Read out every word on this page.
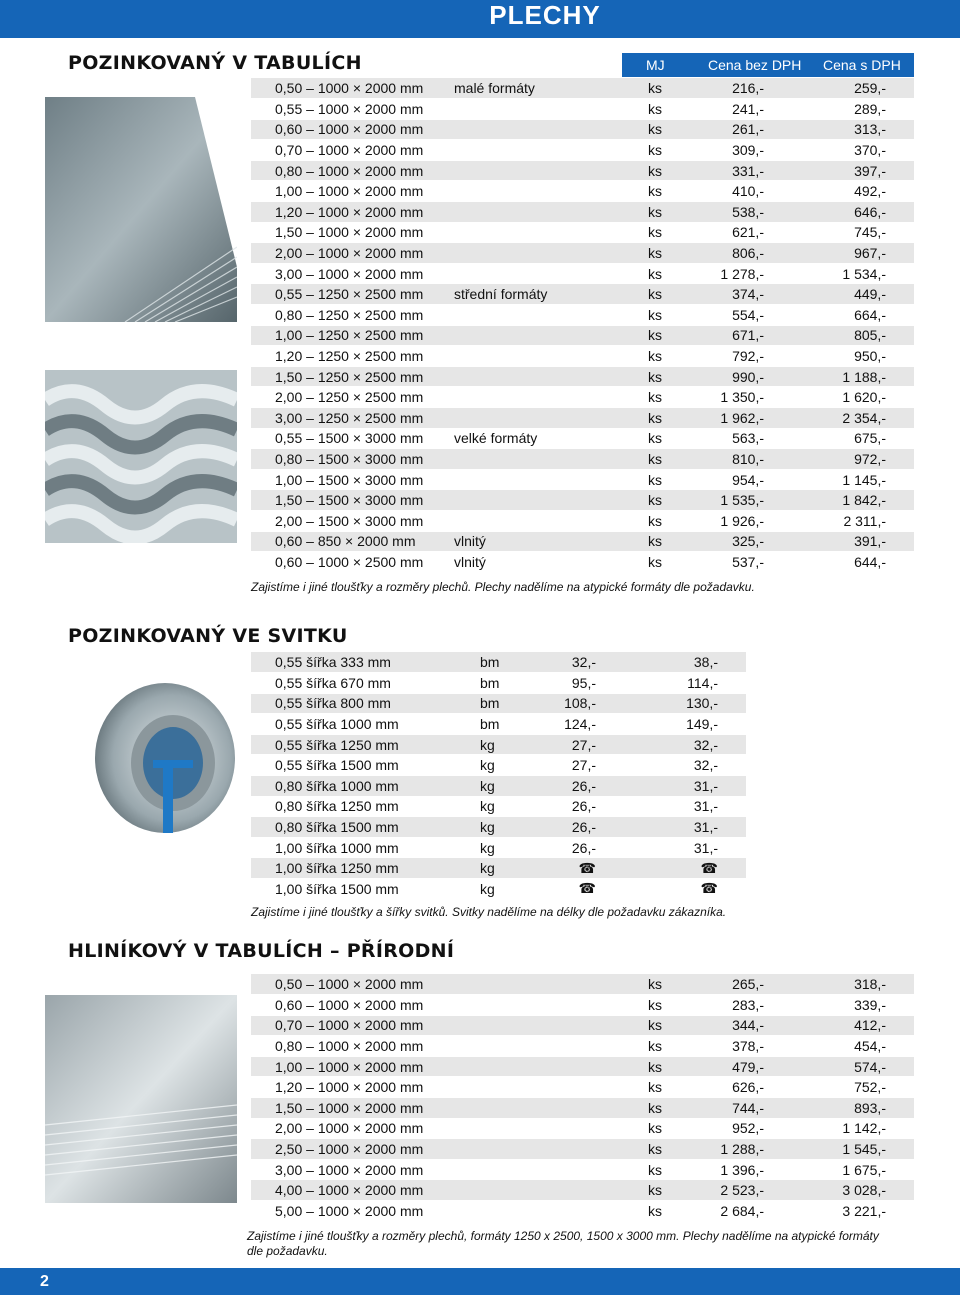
PLECHY
2
POZINKOVANÝ V TABULÍCH	MJ	Cena bez DPH Cena s DPH
0,50 – 1000 × 2000 mm	malé formáty	ks	216,-	259,-
0,55 – 1000 × 2000 mm		ks	241,-	289,-
0,60 – 1000 × 2000 mm		ks	261,-	313,-
0,70 – 1000 × 2000 mm		ks	309,-	370,-
0,80 – 1000 × 2000 mm		ks	331,-	397,-
1,00 – 1000 × 2000 mm		ks	410,-	492,-
1,20 – 1000 × 2000 mm		ks	538,-	646,-
1,50 – 1000 × 2000 mm		ks	621,-	745,-
2,00 – 1000 × 2000 mm		ks	806,-	967,-
3,00 – 1000 × 2000 mm		ks	1 278,-	1 534,-
0,55 – 1250 × 2500 mm	střední formáty	ks	374,-	449,-
0,80 – 1250 × 2500 mm		ks	554,-	664,-
1,00 – 1250 × 2500 mm		ks	671,-	805,-
1,20 – 1250 × 2500 mm		ks	792,-	950,-
1,50 – 1250 × 2500 mm		ks	990,-	1 188,-
2,00 – 1250 × 2500 mm		ks	1 350,-	1 620,-
3,00 – 1250 × 2500 mm		ks	1 962,-	2 354,-
0,55 – 1500 × 3000 mm	velké formáty	ks	563,-	675,-
0,80 – 1500 × 3000 mm		ks	810,-	972,-
1,00 – 1500 × 3000 mm		ks	954,-	1 145,-
1,50 – 1500 × 3000 mm		ks	1 535,-	1 842,-
2,00 – 1500 × 3000 mm		ks	1 926,-	2 311,-
0,60 – 850 × 2000 mm	vlnitý	ks	325,-	391,-
0,60 – 1000 × 2500 mm	vlnitý	ks	537,-	644,-
Zajistíme i jiné tloušťky a rozměry plechů. Plechy nadělíme na atypické formáty dle požadavku.
POZINKOVANÝ VE SVITKU
0,55 šířka 333 mm	bm	32,-	38,-
0,55 šířka 670 mm	bm	95,-	114,-
0,55 šířka 800 mm	bm	108,-	130,-
0,55 šířka 1000 mm	bm	124,-	149,-
0,55 šířka 1250 mm	kg	27,-	32,-
0,55 šířka 1500 mm	kg	27,-	32,-
0,80 šířka 1000 mm	kg	26,-	31,-
0,80 šířka 1250 mm	kg	26,-	31,-
0,80 šířka 1500 mm	kg	26,-	31,-
1,00 šířka 1000 mm	kg	26,-	31,-
1,00 šířka 1250 mm	kg	☎	☎
1,00 šířka 1500 mm	kg	☎	☎
Zajistíme i jiné tloušťky a šířky svitků. Svitky nadělíme na délky dle požadavku zákazníka.
HLINÍKOVÝ V TABULÍCH – PŘÍRODNÍ
0,50 – 1000 × 2000 mm	ks	265,-	318,-
0,60 – 1000 × 2000 mm	ks	283,-	339,-
0,70 – 1000 × 2000 mm	ks	344,-	412,-
0,80 – 1000 × 2000 mm	ks	378,-	454,-
1,00 – 1000 × 2000 mm	ks	479,-	574,-
1,20 – 1000 × 2000 mm	ks	626,-	752,-
1,50 – 1000 × 2000 mm	ks	744,-	893,-
2,00 – 1000 × 2000 mm	ks	952,-	1 142,-
2,50 – 1000 × 2000 mm	ks	1 288,-	1 545,-
3,00 – 1000 × 2000 mm	ks	1 396,-	1 675,-
4,00 – 1000 × 2000 mm	ks	2 523,-	3 028,-
5,00 – 1000 × 2000 mm	ks	2 684,-	3 221,-
Zajistíme i jiné tloušťky a rozměry plechů, formáty 1250 x 2500, 1500 x 3000 mm. Plechy nadělíme na atypické formáty dle požadavku.
